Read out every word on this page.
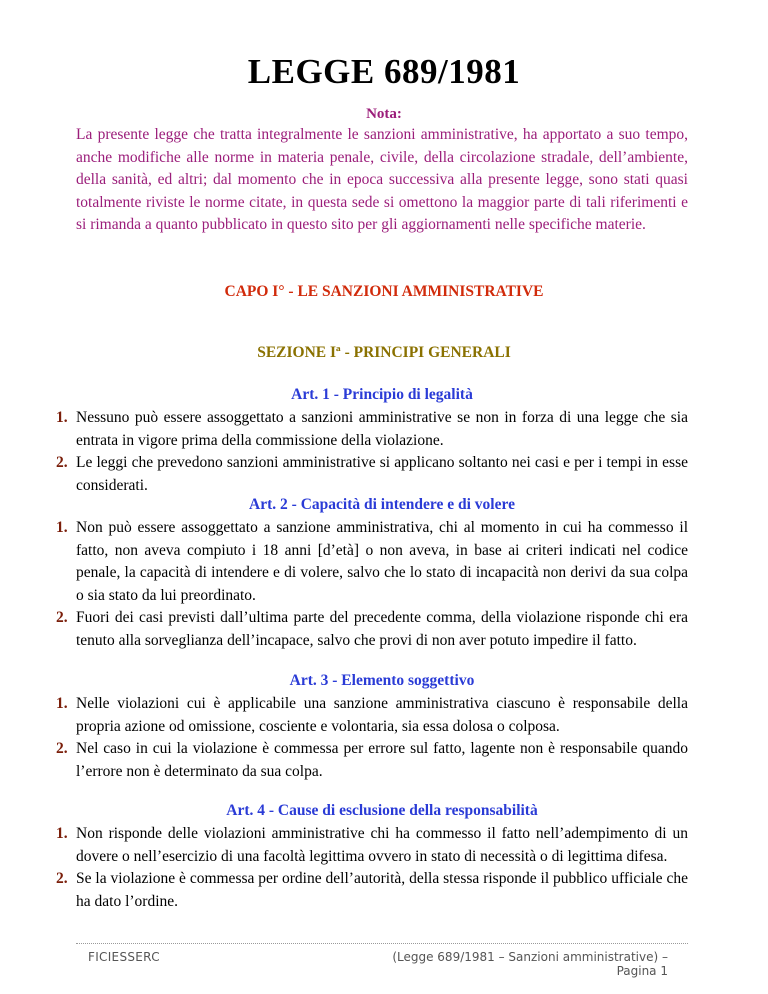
LEGGE 689/1981
Nota:
La presente legge che tratta integralmente le sanzioni amministrative, ha apportato a suo tempo, anche modifiche alle norme in materia penale, civile, della circolazione stradale, dell’ambiente, della sanità, ed altri; dal momento che in epoca successiva alla presente legge, sono stati quasi totalmente riviste le norme citate, in questa sede si omettono la maggior parte di tali riferimenti e si rimanda a quanto pubblicato in questo sito per gli aggiornamenti nelle specifiche materie.
CAPO I° - LE SANZIONI AMMINISTRATIVE
SEZIONE Iª - PRINCIPI GENERALI
Art. 1 - Principio di legalità
1. Nessuno può essere assoggettato a sanzioni amministrative se non in forza di una legge che sia entrata in vigore prima della commissione della violazione.
2. Le leggi che prevedono sanzioni amministrative si applicano soltanto nei casi e per i tempi in esse considerati.
Art. 2 - Capacità di intendere e di volere
1. Non può essere assoggettato a sanzione amministrativa, chi al momento in cui ha commesso il fatto, non aveva compiuto i 18 anni [d’età] o non aveva, in base ai criteri indicati nel codice penale, la capacità di intendere e di volere, salvo che lo stato di incapacità non derivi da sua colpa o sia stato da lui preordinato.
2. Fuori dei casi previsti dall’ultima parte del precedente comma, della violazione risponde chi era tenuto alla sorveglianza dell’incapace, salvo che provi di non aver potuto impedire il fatto.
Art. 3 - Elemento soggettivo
1. Nelle violazioni cui è applicabile una sanzione amministrativa ciascuno è responsabile della propria azione od omissione, cosciente e volontaria, sia essa dolosa o colposa.
2. Nel caso in cui la violazione è commessa per errore sul fatto, lagente non è responsabile quando l’errore non è determinato da sua colpa.
Art. 4 - Cause di esclusione della responsabilità
1. Non risponde delle violazioni amministrative chi ha commesso il fatto nell’adempimento di un dovere o nell’esercizio di una facoltà legittima ovvero in stato di necessità o di legittima difesa.
2. Se la violazione è commessa per ordine dell’autorità, della stessa risponde il pubblico ufficiale che ha dato l’ordine.
FICIESSERC	(Legge 689/1981 – Sanzioni amministrative) – Pagina 1
